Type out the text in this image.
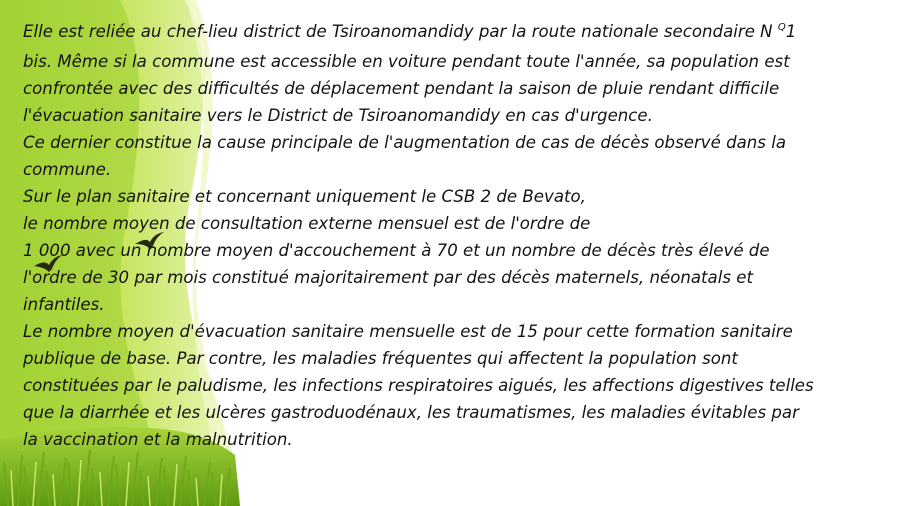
Elle est reliée au chef-lieu district de Tsiroanomandidy par la route nationale secondaire N $^Q$1
bis. Même si la commune est accessible en voiture pendant toute l'année, sa population est
confrontée avec des difficultés de déplacement pendant la saison de pluie rendant difficile
l'évacuation sanitaire vers le District de Tsiroanomandidy en cas d'urgence.
Ce dernier constitue la cause principale de l'augmentation de cas de décès observé dans la
commune.
Sur le plan sanitaire et concernant uniquement le CSB 2 de Bevato,
le nombre moyen de consultation externe mensuel est de l'ordre de
1 000 avec un nombre moyen d'accouchement à 70 et un nombre de décès très élevé de
l'ordre de 30 par mois constitué majoritairement par des décès maternels, néonatals et
infantiles.
Le nombre moyen d'évacuation sanitaire mensuelle est de 15 pour cette formation sanitaire
publique de base. Par contre, les maladies fréquentes qui affectent la population sont
constituées par le paludisme, les infections respiratoires aigués, les affections digestives telles
que la diarrhée et les ulcères gastroduodénaux, les traumatismes, les maladies évitables par
la vaccination et la malnutrition.
